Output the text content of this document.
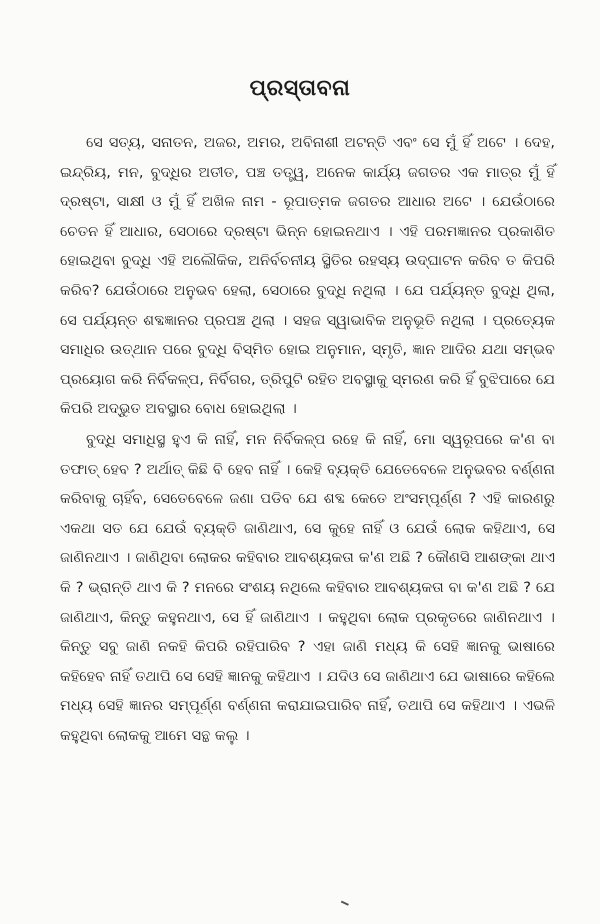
ପ୍ରସ୍ତାବନା

ସେ ସତ୍ୟ, ସନାତନ, ଅଜର, ଅମର, ଅବିନାଶୀ ଅଟନ୍ତି ଏବଂ ସେ ମୁଁ ହିଁ ଅଟେ । ଦେହ, ଇନ୍ଦ୍ରିୟ, ମନ, ବୁଦ୍ଧିର ଅତୀତ, ପଞ୍ଚ ତତ୍ତ୍ୱ, ଅନେକ କାର୍ଯ୍ୟ ଜଗତର ଏକ ମାତ୍ର ମୁଁ ହିଁ ଦ୍ରଷ୍ଟା, ସାକ୍ଷୀ ଓ ମୁଁ ହିଁ ଅଖିଳ ନାମ - ରୂପାତ୍ମକ ଜଗତର ଆଧାର ଅଟେ । ଯେଉଁଠାରେ ଚେତନ ହିଁ ଆଧାର, ସେଠାରେ ଦ୍ରଷ୍ଟା ଭିନ୍ନ ହୋଇନଥାଏ । ଏହି ପରମଜ୍ଞାନର ପ୍ରକାଶିତ ହୋଇଥିବା ବୁଦ୍ଧି ଏହି ଅଲୌକିକ, ଅନିର୍ବଚନୀୟ ସ୍ଥିତିର ରହସ୍ୟ ଉଦ୍‌ଘାଟନ କରିବ ତ କିପରି କରିବ? ଯେଉଁଠାରେ ଅନୁଭବ ହେଲା, ସେଠାରେ ବୁଦ୍ଧି ନଥିଲା । ଯେ ପର୍ଯ୍ୟନ୍ତ ବୁଦ୍ଧି ଥିଲା, ସେ ପର୍ଯ୍ୟନ୍ତ ଶବ୍ଦଜ୍ଞାନର ପ୍ରପଞ୍ଚ ଥିଲା । ସହଜ ସ୍ୱାଭାବିକ ଅନୁଭୂତି ନଥିଲା । ପ୍ରତ୍ୟେକ ସମାଧିର ଉତ୍‌ଥାନ ପରେ ବୁଦ୍ଧି ବିସ୍ମିତ ହୋଇ ଅନୁମାନ, ସ୍ମୃତି, ଜ୍ଞାନ ଆଦିର ଯଥା ସମ୍ଭବ ପ୍ରୟୋଗ କରି ନିର୍ବିକଳ୍ପ, ନିର୍ବିଗର, ତ୍ରିପୁଟି ରହିତ ଅବସ୍ଥାକୁ ସ୍ମରଣ କରି ହିଁ ବୁଝିପାରେ ଯେ କିପରି ଅଦ୍ଭୁତ ଅବସ୍ଥାର ବୋଧ ହୋଇଥିଲା ।

ବୁଦ୍ଧି ସମାଧିସ୍ଥ ହୁଏ କି ନାହିଁ, ମନ ନିର୍ବିକଳ୍ପ ରହେ କି ନାହିଁ, ମୋ ସ୍ୱରୂପରେ କ'ଣ ବା ତଫାତ୍ ହେବ ? ଅର୍ଥାତ୍ କିଛି ବି ହେବ ନାହିଁ । କେହି ବ୍ୟକ୍ତି ଯେତେବେଳେ ଅନୁଭବର ବର୍ଣ୍ଣନା କରିବାକୁ ଚାହିଁବ, ସେତେବେଳେ ଜଣା ପଡିବ ଯେ ଶବ୍ଦ କେତେ ଅଂସମ୍ପୂର୍ଣ୍ଣ ? ଏହି କାରଣରୁ ଏକଥା ସତ ଯେ ଯେଉଁ ବ୍ୟକ୍ତି ଜାଣିଥାଏ, ସେ କୁହେ ନାହିଁ ଓ ଯେଉଁ ଲୋକ କହିଥାଏ, ସେ ଜାଣିନଥାଏ । ଜାଣିଥିବା ଲୋକର କହିବାର ଆବଶ୍ୟକତା କ'ଣ ଅଛି ? କୌଣସି ଆଶଙ୍କା ଥାଏ କି ? ଭ୍ରାନ୍ତି ଥାଏ କି ? ମନରେ ସଂଶୟ ନଥିଲେ କହିବାର ଆବଶ୍ୟକତା ବା କ'ଣ ଅଛି ? ଯେ ଜାଣିଥାଏ, କିନ୍ତୁ କହୁନଥାଏ, ସେ ହିଁ ଜାଣିଥାଏ । କହୁଥିବା ଲୋକ ପ୍ରକୃତରେ ଜାଣିନଥାଏ । କିନ୍ତୁ ସବୁ ଜାଣି ନକହି କିପରି ରହିପାରିବ ? ଏହା ଜାଣି ମଧ୍ୟ କି ସେହି ଜ୍ଞାନକୁ ଭାଷାରେ କହିହେବ ନାହିଁ ତଥାପି ସେ ସେହି ଜ୍ଞାନକୁ କହିଥାଏ । ଯଦିଓ ସେ ଜାଣିଥାଏ ଯେ ଭାଷାରେ କହିଲେ ମଧ୍ୟ ସେହି ଜ୍ଞାନର ସମ୍ପୂର୍ଣ୍ଣ ବର୍ଣ୍ଣନା କରାଯାଇପାରିବ ନାହିଁ, ତଥାପି ସେ କହିଥାଏ । ଏଭଳି କହୁଥିବା ଲୋକକୁ ଆମେ ସନ୍ଥ କଲୁ ।
